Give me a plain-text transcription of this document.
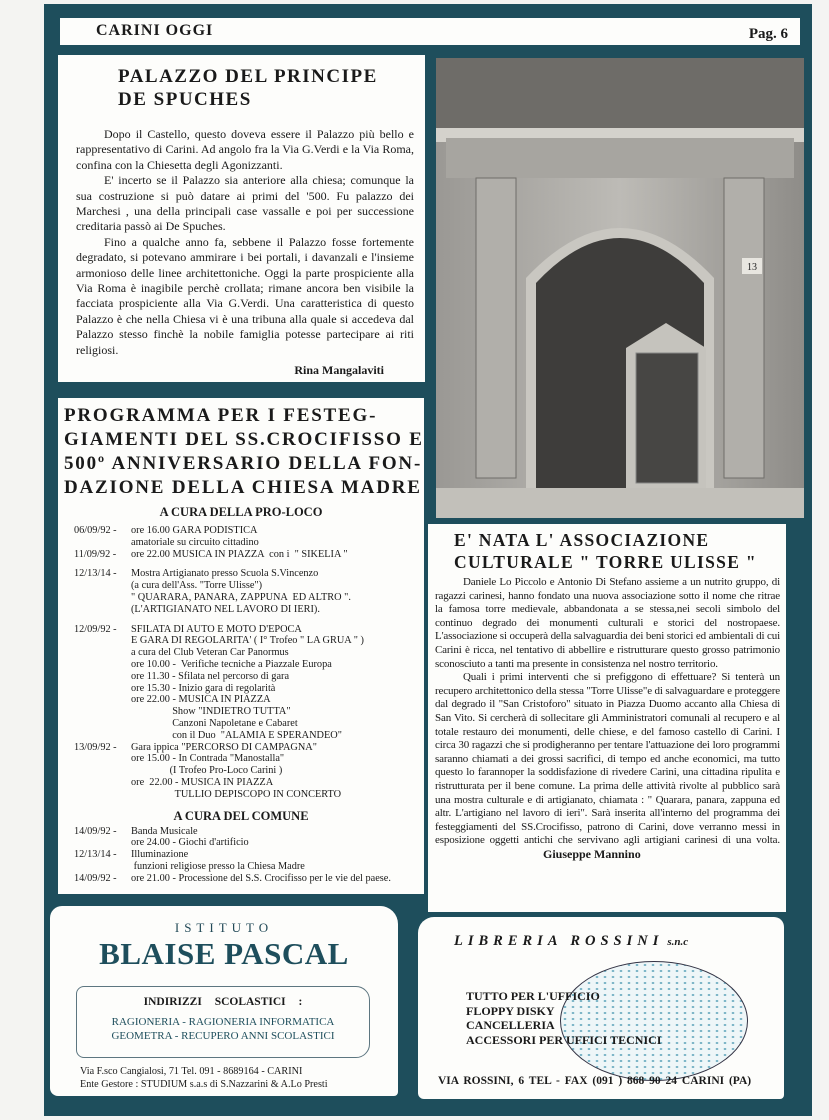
CARINI OGGI	Pag. 6
PALAZZO DEL PRINCIPE
DE SPUCHES

Dopo il Castello, questo doveva essere il Palazzo più bello e rappresentativo di Carini. Ad angolo fra la Via G.Verdi e la Via Roma, confina con la Chiesetta degli Agonizzanti.

E' incerto se il Palazzo sia anteriore alla chiesa; comunque la sua costruzione si può datare ai primi del '500. Fu palazzo dei Marchesi , una della principali case vassalle e poi per successione creditaria passò ai De Spuches.

Fino a qualche anno fa, sebbene il Palazzo fosse fortemente degradato, si potevano ammirare i bei portali, i davanzali e l'insieme armonioso delle linee architettoniche. Oggi la parte prospiciente alla Via Roma è inagibile perchè crollata; rimane ancora ben visibile la facciata prospiciente alla Via G.Verdi. Una caratteristica di questo Palazzo è che nella Chiesa vi è una tribuna alla quale si accedeva dal Palazzo stesso finchè la nobile famiglia potesse partecipare ai riti religiosi.

Rina Mangalaviti

13
PROGRAMMA PER I FESTEG-
GIAMENTI DEL SS.CROCIFISSO E
500º ANNIVERSARIO DELLA FON-
DAZIONE DELLA CHIESA MADRE
A CURA DELLA PRO-LOCO
06/09/92 -	ore 16.00 GARA PODISTICA
amatoriale su circuito cittadino
11/09/92 -	ore 22.00 MUSICA IN PIAZZA  con i  " SIKELIA "
12/13/14 -	Mostra Artigianato presso Scuola S.Vincenzo
(a cura dell'Ass. "Torre Ulisse")
" QUARARA, PANARA, ZAPPUNA  ED ALTRO ".
(L'ARTIGIANATO NEL LAVORO DI IERI).
12/09/92 -	SFILATA DI AUTO E MOTO D'EPOCA
E GARA DI REGOLARITA' ( I° Trofeo " LA GRUA " )
a cura del Club Veteran Car Panormus
ore 10.00 -  Verifiche tecniche a Piazzale Europa
ore 11.30 - Sfilata nel percorso di gara
ore 15.30 - Inizio gara di regolarità
ore 22.00 - MUSICA IN PIAZZA
Show "INDIETRO TUTTA"
Canzoni Napoletane e Cabaret
con il Duo  "ALAMIA E SPERANDEO"
13/09/92 -	Gara ippica "PERCORSO DI CAMPAGNA"
ore 15.00 - In Contrada "Manostalla"
(I Trofeo Pro-Loco Carini )
ore  22.00 - MUSICA IN PIAZZA
TULLIO DEPISCOPO IN CONCERTO
A CURA DEL COMUNE
14/09/92 -	Banda Musicale
ore 24.00 - Giochi d'artificio
12/13/14 -	Illuminazione
funzioni religiose presso la Chiesa Madre
14/09/92 -	ore 21.00 - Processione del S.S. Crocifisso per le vie del paese.
E' NATA L' ASSOCIAZIONE
CULTURALE " TORRE ULISSE "

Daniele Lo Piccolo e Antonio Di Stefano assieme a un nutrito gruppo, di ragazzi carinesi, hanno fondato una nuova associazione sotto il nome che ritrae la famosa torre medievale, abbandonata a se stessa,nei secoli simbolo del continuo degrado dei monumenti culturali e storici del nostropaese. L'associazione si occuperà della salvaguardia dei beni storici ed ambientali di cui Carini è ricca, nel tentativo di abbellire e ristrutturare questo grosso patrimonio sconosciuto a tanti ma presente in consistenza nel nostro territorio.

Quali i primi interventi che si prefiggono di effettuare? Si tenterà un recupero architettonico della stessa "Torre Ulisse"e di salvaguardare e proteggere dal degrado il "San Cristoforo" situato in Piazza Duomo accanto alla Chiesa di San Vito. Si cercherà di sollecitare gli Amministratori comunali al recupero e al totale restauro dei monumenti, delle chiese, e del famoso castello di Carini. I circa 30 ragazzi che si prodigheranno per tentare l'attuazione dei loro programmi saranno chiamati a dei grossi sacrifici, di tempo ed anche economici, ma tutto questo lo farannoper la soddisfazione di rivedere Carini, una cittadina ripulita e ristrutturata per il bene comune. La prima delle attività rivolte al pubblico sarà una mostra culturale e di artigianato, chiamata : " Quarara, panara, zappuna ed altr. L'artigiano nel lavoro di ieri". Sarà inserita all'interno del programma dei festeggiamenti del SS.Crocifisso, patrono di Carini, dove verranno messi in esposizione oggetti antichi che servivano agli artigiani carinesi di una volta.Giuseppe Mannino

ISTITUTO
BLAISE PASCAL
INDIRIZZI SCOLASTICI :
RAGIONERIA - RAGIONERIA INFORMATICA
GEOMETRA - RECUPERO ANNI SCOLASTICI
Via F.sco Cangialosi, 71 Tel. 091 - 8689164 - CARINI
Ente Gestore : STUDIUM s.a.s di S.Nazzarini & A.Lo Presti
LIBRERIA ROSSINI s.n.c
TUTTO PER L'UFFICIO
FLOPPY DISKY
CANCELLERIA
ACCESSORI PER UFFICI TECNICI
VIA ROSSINI, 6 TEL - FAX (091 ) 868 90 24 CARINI (PA)
